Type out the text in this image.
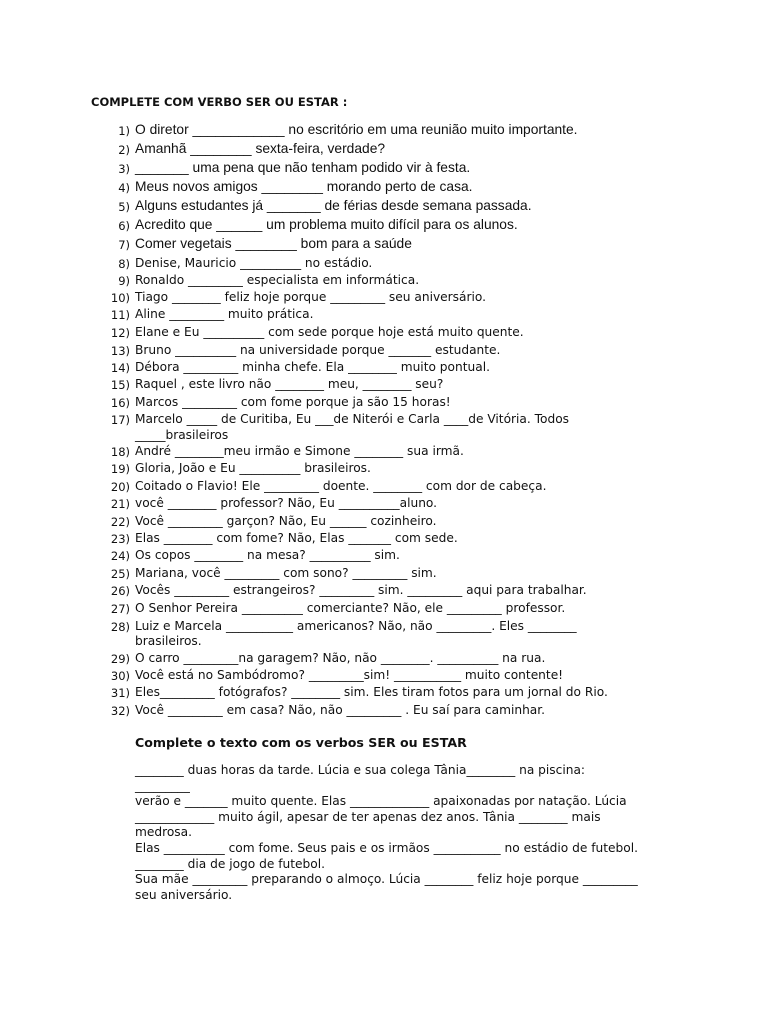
COMPLETE COM VERBO SER OU ESTAR :
1) O diretor ____________ no escritório em uma reunião muito importante.
2) Amanhã ________ sexta-feira, verdade?
3) _______ uma pena que não tenham podido vir à festa.
4) Meus novos amigos ________ morando perto de casa.
5) Alguns estudantes já _______ de férias desde semana passada.
6) Acredito que ______ um problema muito difícil para os alunos.
7) Comer vegetais ________ bom para a saúde
8) Denise, Mauricio __________ no estádio.
9) Ronaldo _________ especialista em informática.
10) Tiago ________ feliz hoje porque _________ seu aniversário.
11) Aline _________ muito prática.
12) Elane e Eu __________ com sede porque hoje está muito quente.
13) Bruno __________ na universidade porque _______ estudante.
14) Débora _________ minha chefe. Ela ________ muito pontual.
15) Raquel , este livro não ________ meu, ________ seu?
16) Marcos _________ com fome porque ja são 15 horas!
17) Marcelo _____ de Curitiba, Eu ___de Niterói e Carla ____de Vitória. Todos
_____brasileiros
18) André ________meu irmão e Simone ________ sua irmã.
19) Gloria, João e Eu __________ brasileiros.
20) Coitado o Flavio! Ele _________ doente. ________ com dor de cabeça.
21) você ________ professor? Não, Eu __________aluno.
22) Você _________ garçon? Não, Eu ______ cozinheiro.
23) Elas ________ com fome? Não, Elas _______ com sede.
24) Os copos ________ na mesa? __________ sim.
25) Mariana, você _________ com sono? _________ sim.
26) Vocês _________ estrangeiros? _________ sim. _________ aqui para trabalhar.
27) O Senhor Pereira __________ comerciante? Não, ele _________ professor.
28) Luiz e Marcela ___________ americanos? Não, não _________. Eles ________
brasileiros.
29) O carro _________na garagem? Não, não ________. __________ na rua.
30) Você está no Sambódromo? _________sim! ___________ muito contente!
31) Eles_________ fotógrafos? ________ sim. Eles tiram fotos para um jornal do Rio.
32) Você _________ em casa? Não, não _________ . Eu saí para caminhar.
Complete o texto com os verbos SER ou ESTAR
________ duas horas da tarde. Lúcia e sua colega Tânia________ na piscina:
_________
verão e _______ muito quente. Elas _____________ apaixonadas por natação. Lúcia
_____________ muito ágil, apesar de ter apenas dez anos. Tânia ________ mais
medrosa.
Elas __________ com fome. Seus pais e os irmãos ___________ no estádio de futebol.
________ dia de jogo de futebol.
Sua mãe _________ preparando o almoço. Lúcia ________ feliz hoje porque _________
seu aniversário.
